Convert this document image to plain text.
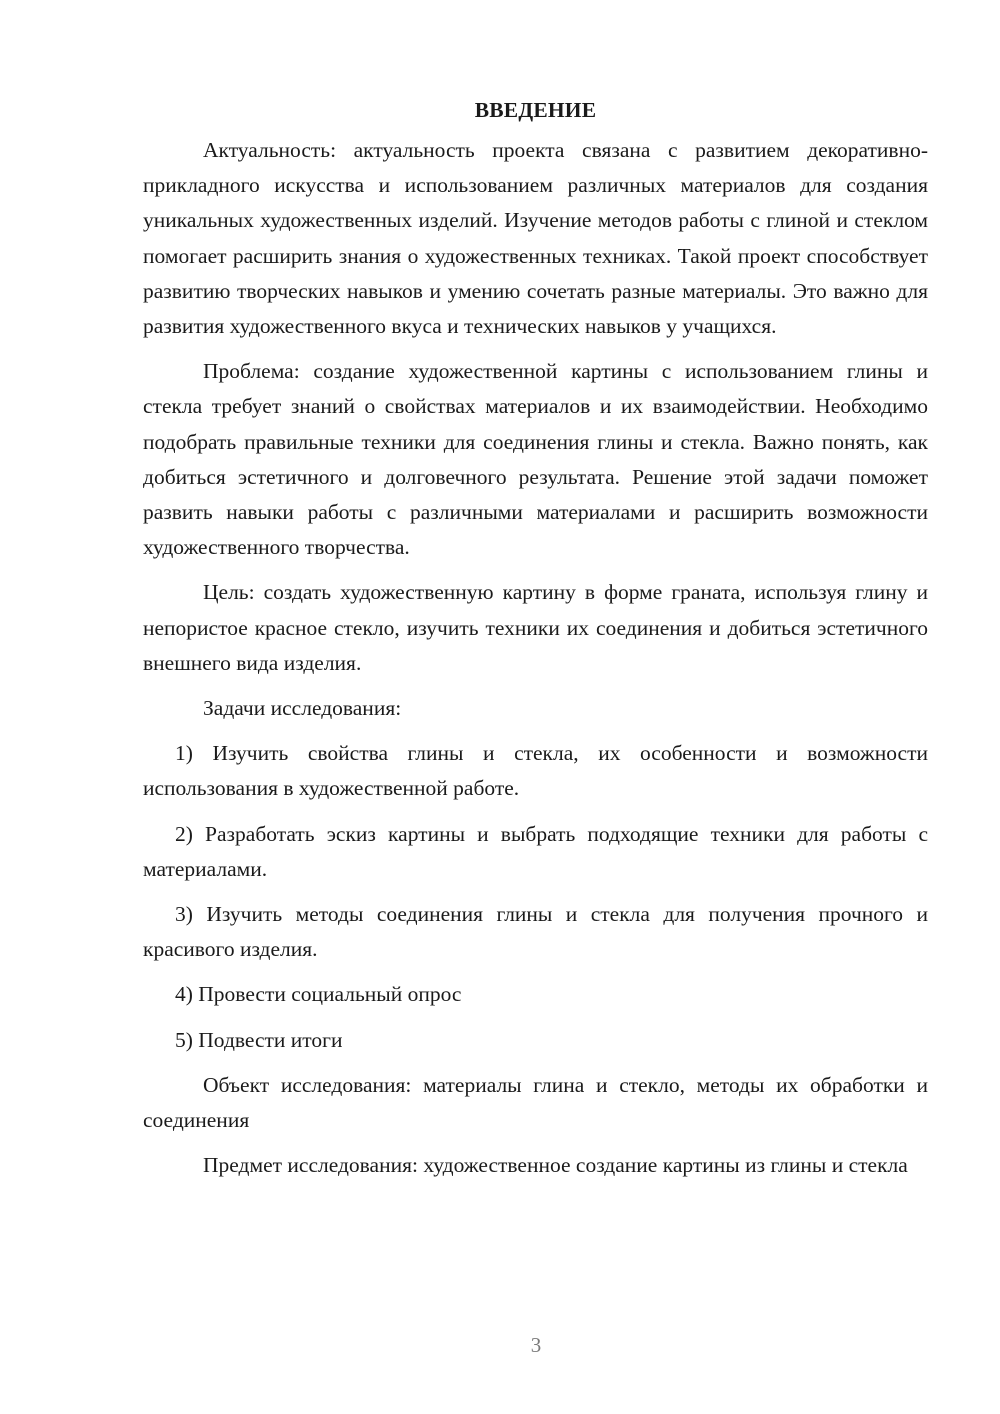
ВВЕДЕНИЕ

Актуальность: актуальность проекта связана с развитием декоративно-прикладного искусства и использованием различных материалов для создания уникальных художественных изделий. Изучение методов работы с глиной и стеклом помогает расширить знания о художественных техниках. Такой проект способствует развитию творческих навыков и умению сочетать разные материалы. Это важно для развития художественного вкуса и технических навыков у учащихся.

Проблема: создание художественной картины с использованием глины и стекла требует знаний о свойствах материалов и их взаимодействии. Необходимо подобрать правильные техники для соединения глины и стекла. Важно понять, как добиться эстетичного и долговечного результата. Решение этой задачи поможет развить навыки работы с различными материалами и расширить возможности художественного творчества.

Цель: создать художественную картину в форме граната, используя глину и непористое красное стекло, изучить техники их соединения и добиться эстетичного внешнего вида изделия.

Задачи исследования:

1) Изучить свойства глины и стекла, их особенности и возможности использования в художественной работе.

2) Разработать эскиз картины и выбрать подходящие техники для работы с материалами.

3) Изучить методы соединения глины и стекла для получения прочного и красивого изделия.

4) Провести социальный опрос

5) Подвести итоги

Объект исследования: материалы глина и стекло, методы их обработки и соединения

Предмет исследования: художественное создание картины из глины и стекла

3
